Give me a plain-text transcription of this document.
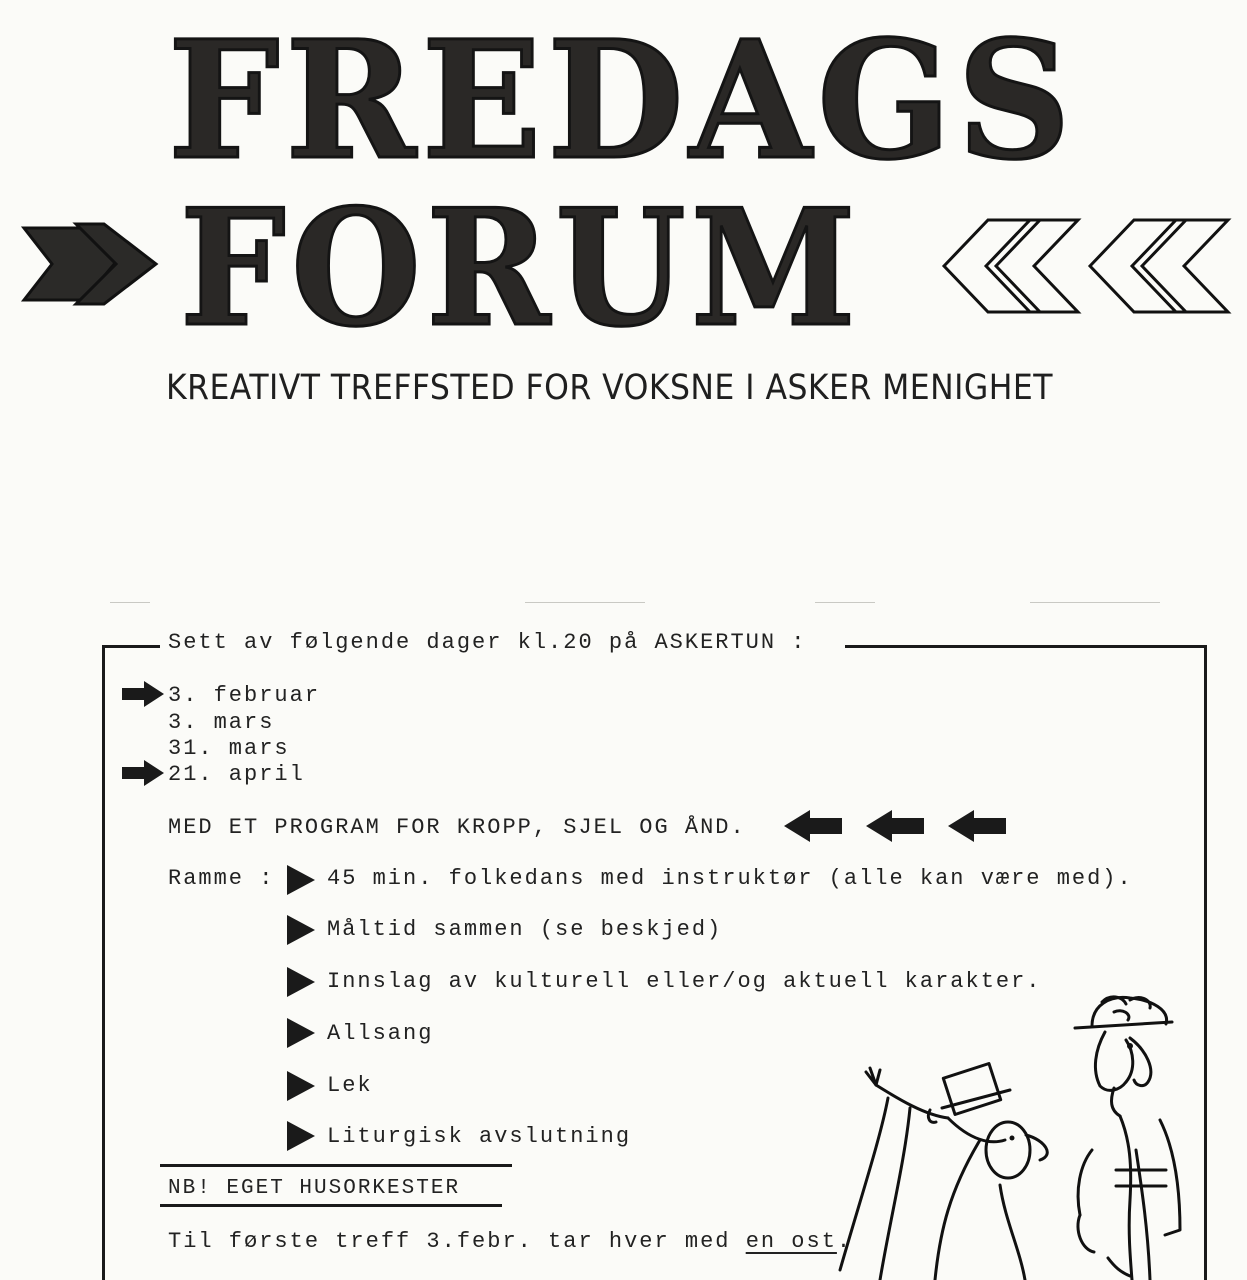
FREDAGS
FORUM
KREATIVT TREFFSTED FOR VOKSNE I ASKER MENIGHET
Sett av følgende dager kl.20 på ASKERTUN :
3. februar
3. mars
31. mars
21. april
MED ET PROGRAM FOR KROPP, SJEL OG ÅND.
Ramme : 45 min. folkedans med instruktør (alle kan være med).
Måltid sammen (se beskjed)
Innslag av kulturell eller/og aktuell karakter.
Allsang
Lek
Liturgisk avslutning
NB! EGET HUSORKESTER
Til første treff 3.febr. tar hver med en ost.
